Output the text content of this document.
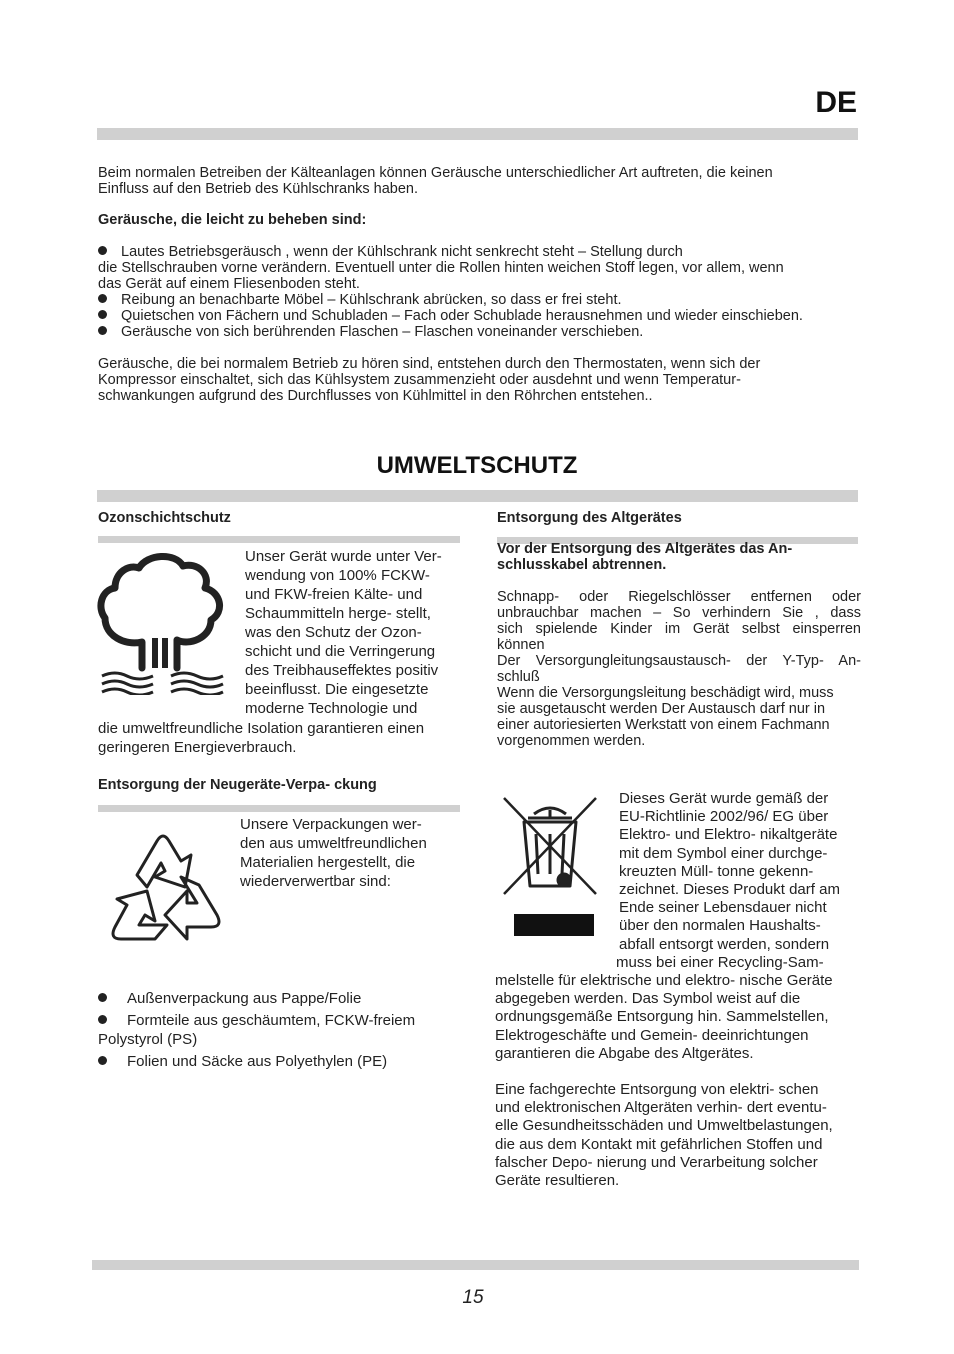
DE
Beim normalen Betreiben der Kälteanlagen können Geräusche unterschiedlicher Art auftreten, die keinen
Einfluss auf den Betrieb des Kühlschranks haben.
Geräusche, die leicht zu beheben sind:
Lautes Betriebsgeräusch , wenn der Kühlschrank nicht senkrecht steht – Stellung durch
die Stellschrauben vorne verändern. Eventuell unter die Rollen hinten weichen Stoff legen, vor allem, wenn
das Gerät auf einem Fliesenboden steht.
Reibung an benachbarte Möbel – Kühlschrank abrücken, so dass er frei steht.
Quietschen von Fächern und Schubladen – Fach oder Schublade herausnehmen und wieder einschieben.
Geräusche von sich berührenden Flaschen – Flaschen voneinander verschieben.
Geräusche, die bei normalem Betrieb zu hören sind, entstehen durch den Thermostaten, wenn sich der
Kompressor einschaltet, sich das Kühlsystem zusammenzieht oder ausdehnt und wenn Temperatur-
schwankungen aufgrund des Durchflusses von Kühlmittel in den Röhrchen entstehen..
UMWELTSCHUTZ
Ozonschichtschutz
Unser Gerät wurde unter Ver-
wendung von 100% FCKW-
und FKW-freien Kälte- und
Schaummitteln herge- stellt,
was den Schutz der Ozon-
schicht und die Verringerung
des Treibhauseffektes positiv
beeinflusst. Die eingesetzte
moderne Technologie und
die umweltfreundliche Isolation garantieren einen
geringeren Energieverbrauch.
Entsorgung der Neugeräte-Verpa- ckung
Unsere Verpackungen wer-
den aus umweltfreundlichen
Materialien hergestellt, die
wiederverwertbar sind:
Außenverpackung aus Pappe/Folie
Formteile aus geschäumtem, FCKW-freiem
Polystyrol (PS)
Folien und Säcke aus Polyethylen (PE)
Entsorgung des Altgerätes
Vor der Entsorgung des Altgerätes das An-
schlusskabel abtrennen.
Schnapp- oder Riegelschlösser entfernen oder
unbrauchbar machen – So verhindern Sie , dass
sich spielende Kinder im Gerät selbst einsperren
können
Der Versorgungleitungsaustausch- der Y-Typ- An-
schluß
Wenn die Versorgungsleitung beschädigt wird, muss
sie ausgetauscht werden Der Austausch darf nur in
einer autoriesierten Werkstatt von einem Fachmann
vorgenommen werden.
Dieses Gerät wurde gemäß der
EU-Richtlinie 2002/96/ EG über
Elektro- und Elektro- nikaltgeräte
mit dem Symbol einer durchge-
kreuzten Müll- tonne gekenn-
zeichnet. Dieses Produkt darf am
Ende seiner Lebensdauer nicht
über den normalen Haushalts-
abfall entsorgt werden, sondern
muss bei einer Recycling-Sam-
melstelle für elektrische und elektro- nische Geräte
abgegeben werden. Das Symbol weist auf die
ordnungsgemäße Entsorgung hin. Sammelstellen,
Elektrogeschäfte und Gemein- deeinrichtungen
garantieren die Abgabe des Altgerätes.
Eine fachgerechte Entsorgung von elektri- schen
und elektronischen Altgeräten verhin- dert eventu-
elle Gesundheitsschäden und Umweltbelastungen,
die aus dem Kontakt mit gefährlichen Stoffen und
falscher Depo- nierung und Verarbeitung solcher
Geräte resultieren.
15
